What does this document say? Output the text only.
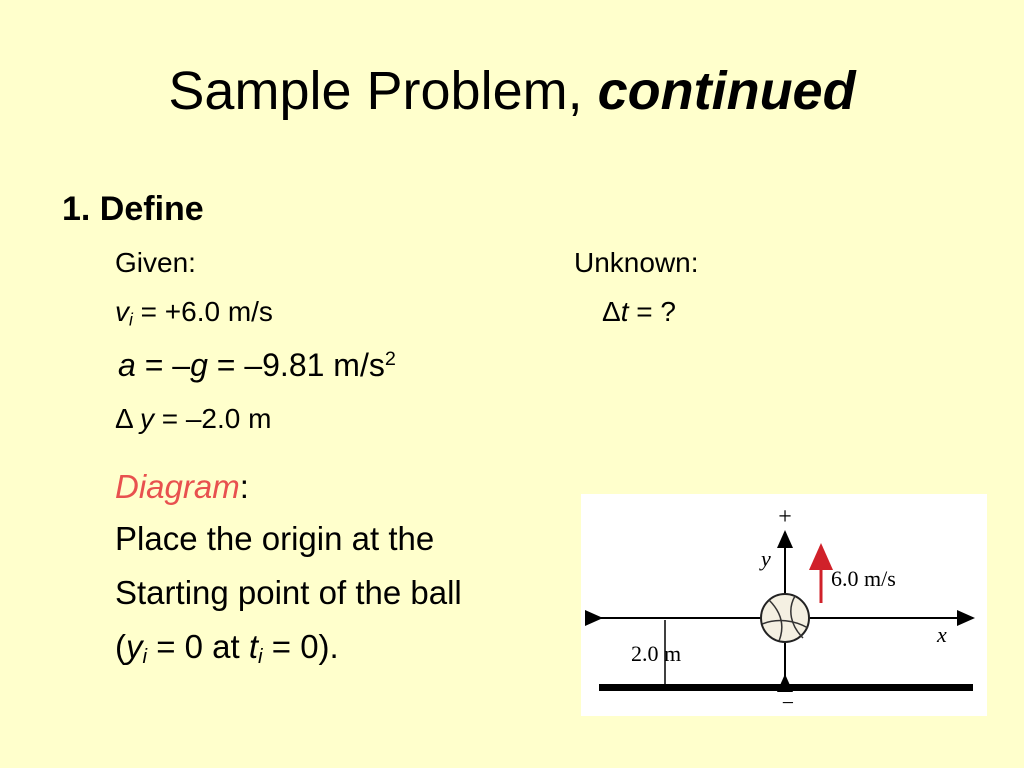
Sample Problem, continued
1. Define
Given:	Unknown:
$v_i = +6.0$ m/s	Δt = ?
a = –g = –9.81 $m/s^2$
Δ y = –2.0 m
Diagram:
Place the origin at the
Starting point of the ball
($y_i = 0$ at $t_i = 0$).
+
−
y
x
6.0 m/s
2.0 m
